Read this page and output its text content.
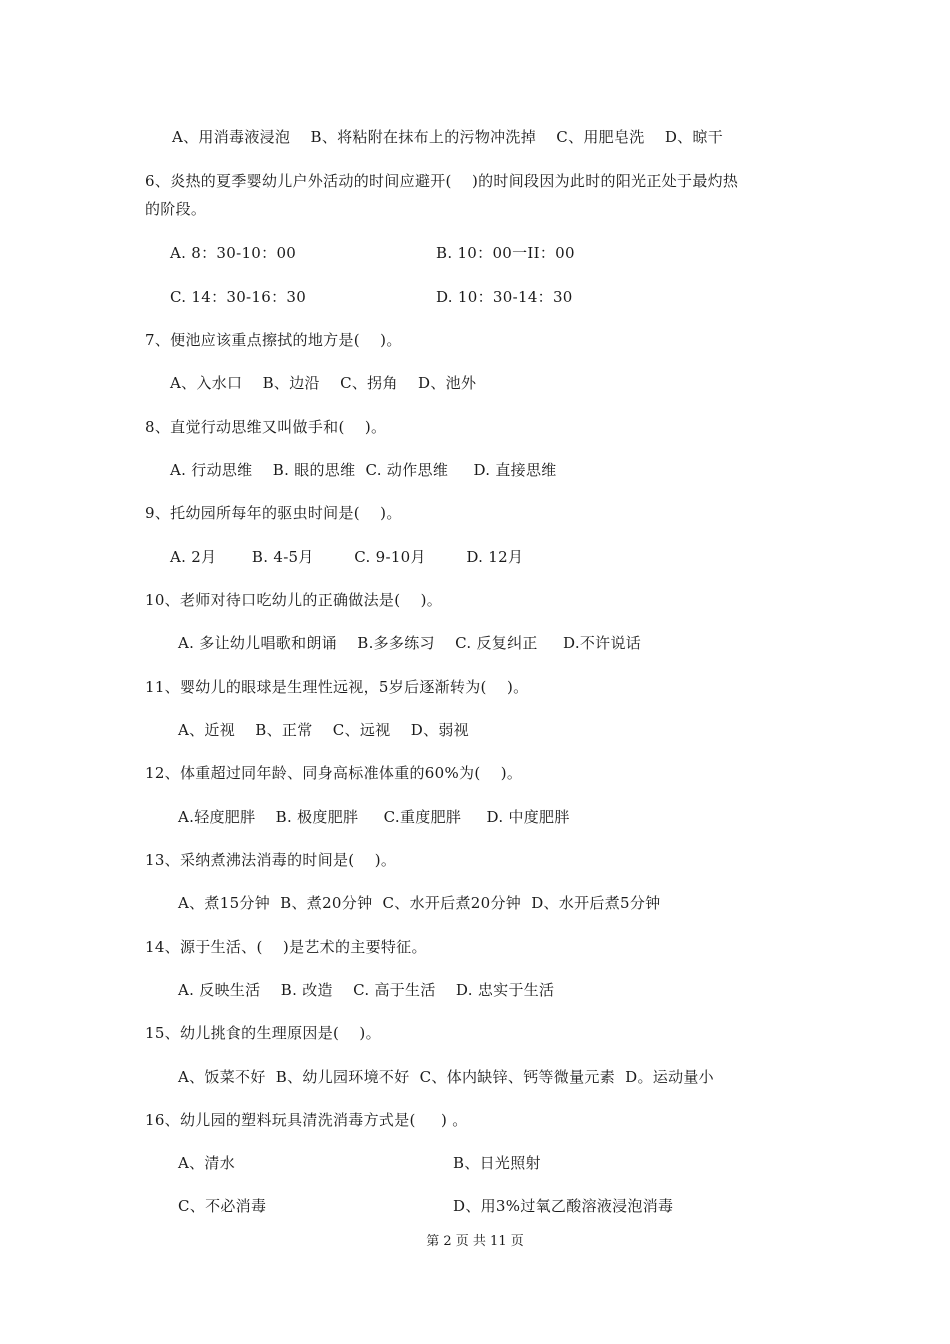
A、用消毒液浸泡    B、将粘附在抹布上的污物冲洗掉    C、用肥皂洗    D、晾干
6、炎热的夏季婴幼儿户外活动的时间应避开(    )的时间段因为此时的阳光正处于最灼热
的阶段。
A. 8：30-10：00	B. 10：00一II：00
C. 14：30-16：30	D. 10：30-14：30
7、便池应该重点擦拭的地方是(    )。
A、入水口    B、边沿    C、拐角    D、池外
8、直觉行动思维又叫做手和(    )。
A. 行动思维    B. 眼的思维  C. 动作思维     D. 直接思维
9、托幼园所每年的驱虫时间是(    )。
A. 2月       B. 4-5月        C. 9-10月        D. 12月
10、老师对待口吃幼儿的正确做法是(    )。
A. 多让幼儿唱歌和朗诵    B.多多练习    C. 反复纠正     D.不许说话
11、婴幼儿的眼球是生理性远视，5岁后逐渐转为(    )。
A、近视    B、正常    C、远视    D、弱视
12、体重超过同年龄、同身高标准体重的60%为(    )。
A.轻度肥胖    B. 极度肥胖     C.重度肥胖     D. 中度肥胖
13、采纳煮沸法消毒的时间是(    )。
A、煮15分钟  B、煮20分钟  C、水开后煮20分钟  D、水开后煮5分钟
14、源于生活、(    )是艺术的主要特征。
A. 反映生活    B. 改造    C. 高于生活    D. 忠实于生活
15、幼儿挑食的生理原因是(    )。
A、饭菜不好  B、幼儿园环境不好  C、体内缺锌、钙等微量元素  D。运动量小
16、幼儿园的塑料玩具清洗消毒方式是(     ) 。
A、清水	B、日光照射
C、不必消毒	D、用3%过氧乙酸溶液浸泡消毒
第 2 页 共 11 页
